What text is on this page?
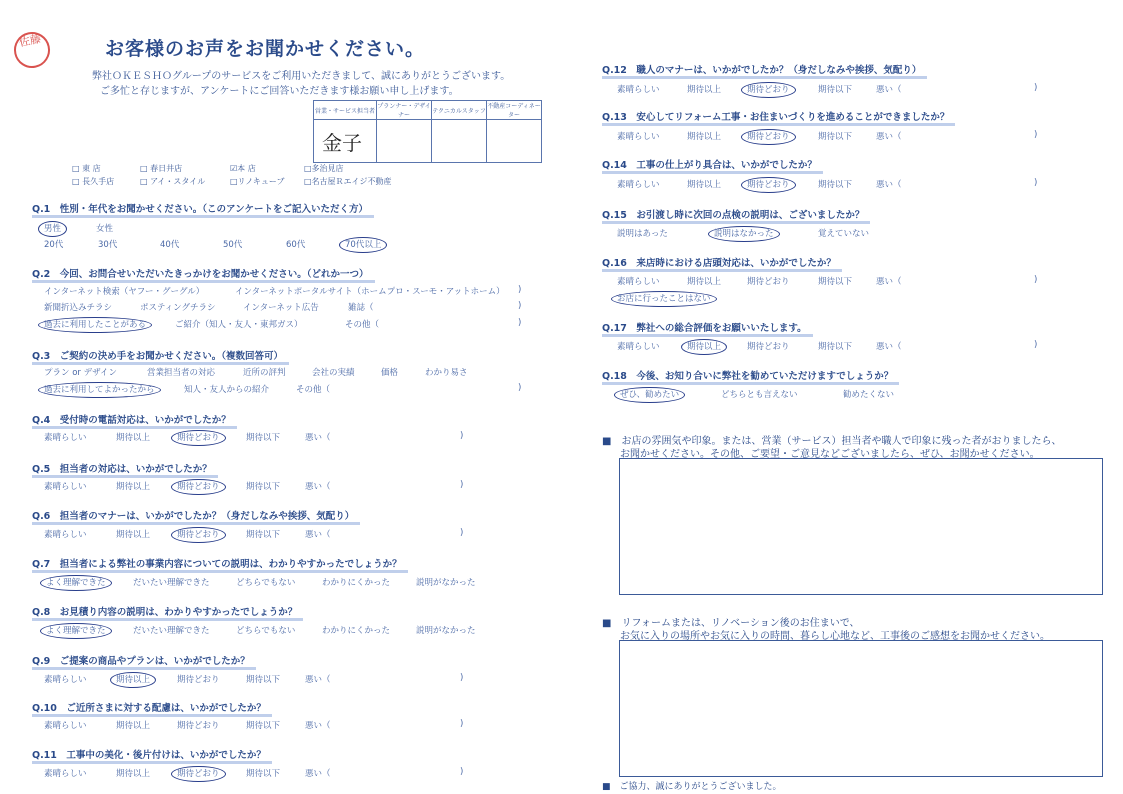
佐藤	お客様のお声をお聞かせください。
弊社ＯＫＥＳＨＯグループのサービスをご利用いただきまして、誠にありがとうございます。
ご多忙と存じますが、アンケートにご回答いただきます様お願い申し上げます。
営業・サービス担当者	プランナー・デザイナー	テクニカルスタッフ	不動産コーディネーター
金子			
□ 東 店	□ 春日井店	☑本 店	□多治見店
□ 長久手店	□ アイ・スタイル	□リノキューブ □名古屋Ｒエイジ不動産
Q.1　性別・年代をお聞かせください。（このアンケートをご記入いただく方）
男性	女性
20代	30代	40代	50代	60代	70代以上
Q.2　今回、お問合せいただいたきっかけをお聞かせください。（どれか一つ）
インターネット検索（ヤフー・グーグル）	インターネットポータルサイト（ホームプロ・スーモ・アットホーム） )
新聞折込みチラシ	ポスティングチラシ	インターネット広告	雑誌（	)
過去に利用したことがある	ご紹介（知人・友人・東邦ガス）	その他（	)
Q.3　ご契約の決め手をお聞かせください。（複数回答可）
プラン or デザイン	営業担当者の対応	近所の評判	会社の実績	価格	わかり易さ
過去に利用してよかったから	知人・友人からの紹介	その他（	)
Q.4　受付時の電話対応は、いかがでしたか？
素晴らしい	期待以上	期待どおり	期待以下	悪い（	)
Q.5　担当者の対応は、いかがでしたか？
素晴らしい	期待以上	期待どおり	期待以下	悪い（	)
Q.6　担当者のマナーは、いかがでしたか？（身だしなみや挨拶、気配り）
素晴らしい	期待以上	期待どおり	期待以下	悪い（	)
Q.7　担当者による弊社の事業内容についての説明は、わかりやすかったでしょうか？
よく理解できた	だいたい理解できた	どちらでもない	わかりにくかった	説明がなかった
Q.8　お見積り内容の説明は、わかりやすかったでしょうか？
よく理解できた	だいたい理解できた	どちらでもない	わかりにくかった	説明がなかった
Q.9　ご提案の商品やプランは、いかがでしたか？
素晴らしい	期待以上	期待どおり	期待以下	悪い（	)
Q.10　ご近所さまに対する配慮は、いかがでしたか？
素晴らしい	期待以上	期待どおり	期待以下	悪い（	)
Q.11　工事中の美化・後片付けは、いかがでしたか？
素晴らしい	期待以上	期待どおり	期待以下	悪い（	)
Q.12　職人のマナーは、いかがでしたか？（身だしなみや挨拶、気配り）
素晴らしい	期待以上	期待どおり	期待以下	悪い（	)
Q.13　安心してリフォーム工事・お住まいづくりを進めることができましたか？
素晴らしい	期待以上	期待どおり	期待以下	悪い（	)
Q.14　工事の仕上がり具合は、いかがでしたか？
素晴らしい	期待以上	期待どおり	期待以下	悪い（	)
Q.15　お引渡し時に次回の点検の説明は、ございましたか？
説明はあった	説明はなかった	覚えていない
Q.16　来店時における店頭対応は、いかがでしたか？
素晴らしい	期待以上	期待どおり	期待以下	悪い（	)
お店に行ったことはない
Q.17　弊社への総合評価をお願いいたします。
素晴らしい	期待以上	期待どおり	期待以下	悪い（	)
Q.18　今後、お知り合いに弊社を勧めていただけますでしょうか？
ぜひ、勧めたい	どちらとも言えない	勧めたくない
■　お店の雰囲気や印象。または、営業（サービス）担当者や職人で印象に残った者がおりましたら、
お聞かせください。その他、ご要望・ご意見などございましたら、ぜひ、お聞かせください。
■　リフォームまたは、リノベーション後のお住まいで、
お気に入りの場所やお気に入りの時間、暮らし心地など、工事後のご感想をお聞かせください。
■　ご協力、誠にありがとうございました。
